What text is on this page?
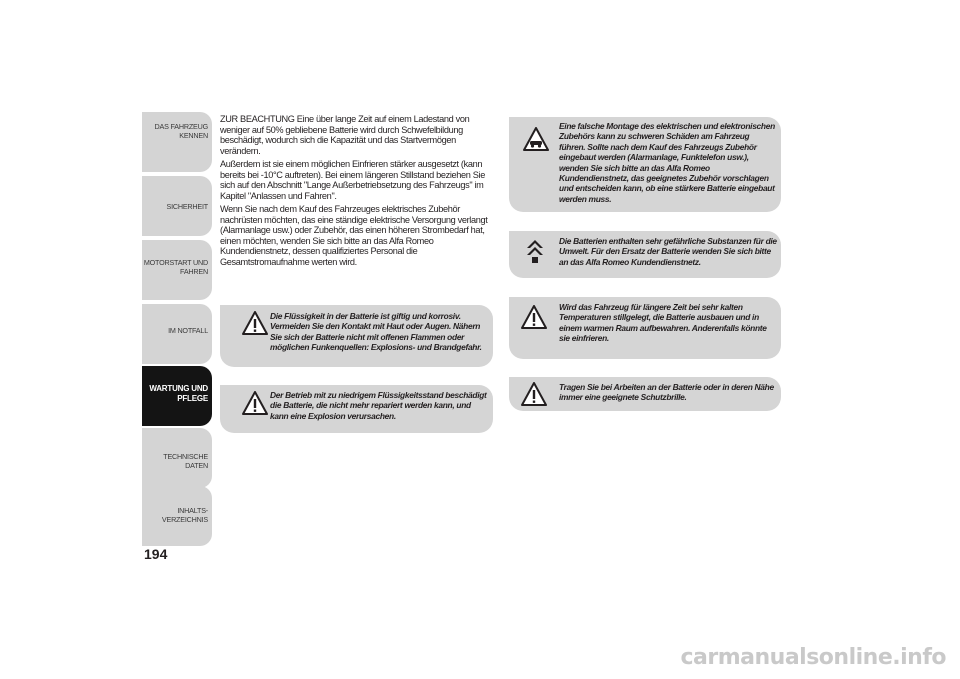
DAS FAHRZEUG
KENNEN
SICHERHEIT
MOTORSTART UND
FAHREN
IM NOTFALL
WARTUNG UND
PFLEGE
TECHNISCHE DATEN
INHALTS-
VERZEICHNIS
194

ZUR BEACHTUNG Eine über lange Zeit auf einem Ladestand von weniger auf 50% gebliebene Batterie wird durch Schwefelbildung beschädigt, wodurch sich die Kapazität und das Startvermögen verändern.

Außerdem ist sie einem möglichen Einfrieren stärker ausgesetzt (kann bereits bei -10°C auftreten). Bei einem längeren Stillstand beziehen Sie sich auf den Abschnitt "Lange Außerbetriebsetzung des Fahrzeugs" im Kapitel "Anlassen und Fahren".

Wenn Sie nach dem Kauf des Fahrzeuges elektrisches Zubehör nachrüsten möchten, das eine ständige elektrische Versorgung verlangt (Alarmanlage usw.) oder Zubehör, das einen höheren Strombedarf hat, einen möchten, wenden Sie sich bitte an das Alfa Romeo Kundendienstnetz, dessen qualifiziertes Personal die Gesamtstromaufnahme werten wird.

Die Flüssigkeit in der Batterie ist giftig und korrosiv. Vermeiden Sie den Kontakt mit Haut oder Augen. Nähern Sie sich der Batterie nicht mit offenen Flammen oder möglichen Funkenquellen: Explosions- und Brandgefahr.
Der Betrieb mit zu niedrigem Flüssigkeitsstand beschädigt die Batterie, die nicht mehr repariert werden kann, und kann eine Explosion verursachen.
Eine falsche Montage des elektrischen und elektronischen Zubehörs kann zu schweren Schäden am Fahrzeug führen. Sollte nach dem Kauf des Fahrzeugs Zubehör eingebaut werden (Alarmanlage, Funktelefon usw.), wenden Sie sich bitte an das Alfa Romeo Kundendienstnetz, das geeignetes Zubehör vorschlagen und entscheiden kann, ob eine stärkere Batterie eingebaut werden muss.
Die Batterien enthalten sehr gefährliche Substanzen für die Umwelt. Für den Ersatz der Batterie wenden Sie sich bitte an das Alfa Romeo Kundendienstnetz.
Wird das Fahrzeug für längere Zeit bei sehr kalten Temperaturen stillgelegt, die Batterie ausbauen und in einem warmen Raum aufbewahren. Anderenfalls könnte sie einfrieren.
Tragen Sie bei Arbeiten an der Batterie oder in deren Nähe immer eine geeignete Schutzbrille.
carmanualsonline.info
